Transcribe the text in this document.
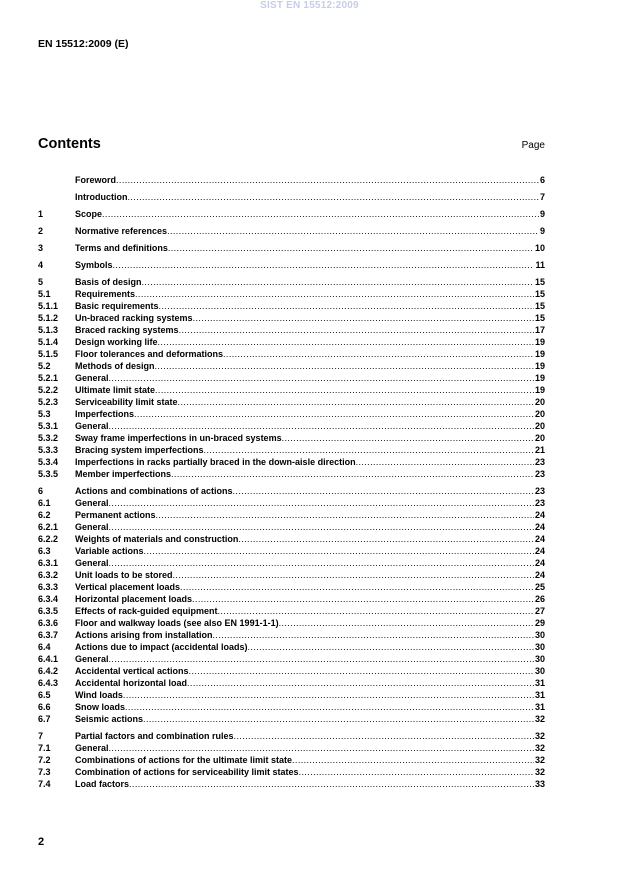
SIST EN 15512:2009
EN 15512:2009 (E)
Contents	Page
Foreword .....	6
Introduction .....	7
1	Scope .....	9
2	Normative references .....	9
3	Terms and definitions .....	10
4	Symbols .....	11
5	Basis of design .....	15
5.1	Requirements .....	15
5.1.1	Basic requirements .....	15
5.1.2	Un-braced racking systems .....	15
5.1.3	Braced racking systems .....	17
5.1.4	Design working life .....	19
5.1.5	Floor tolerances and deformations .....	19
5.2	Methods of design .....	19
5.2.1	General .....	19
5.2.2	Ultimate limit state .....	19
5.2.3	Serviceability limit state .....	20
5.3	Imperfections .....	20
5.3.1	General .....	20
5.3.2	Sway frame imperfections in un-braced systems .....	20
5.3.3	Bracing system imperfections .....	21
5.3.4	Imperfections in racks partially braced in the down-aisle direction .....	23
5.3.5	Member imperfections .....	23
6	Actions and combinations of actions .....	23
6.1	General .....	23
6.2	Permanent actions .....	24
6.2.1	General .....	24
6.2.2	Weights of materials and construction .....	24
6.3	Variable actions .....	24
6.3.1	General .....	24
6.3.2	Unit loads to be stored .....	24
6.3.3	Vertical placement loads .....	25
6.3.4	Horizontal placement loads .....	26
6.3.5	Effects of rack-guided equipment .....	27
6.3.6	Floor and walkway loads (see also EN 1991-1-1) .....	29
6.3.7	Actions arising from installation .....	30
6.4	Actions due to impact (accidental loads) .....	30
6.4.1	General .....	30
6.4.2	Accidental vertical actions .....	30
6.4.3	Accidental horizontal load .....	31
6.5	Wind loads .....	31
6.6	Snow loads .....	31
6.7	Seismic actions .....	32
7	Partial factors and combination rules .....	32
7.1	General .....	32
7.2	Combinations of actions for the ultimate limit state .....	32
7.3	Combination of actions for serviceability limit states .....	32
7.4	Load factors .....	33
2
